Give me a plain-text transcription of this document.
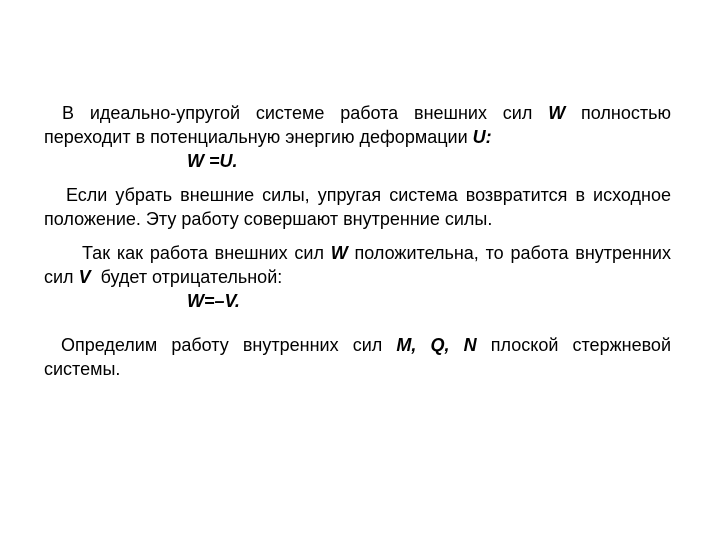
В идеально-упругой системе работа внешних сил W полностью переходит в потенциальную энергию деформации U:

W =U.

Если убрать внешние силы, упругая система возвратится в исходное положение. Эту работу совершают внутренние силы.

Так как работа внешних сил W положительна, то работа внутренних сил V  будет отрицательной:

W=–V.

Определим работу внутренних сил M, Q, N плоской стержневой системы.
